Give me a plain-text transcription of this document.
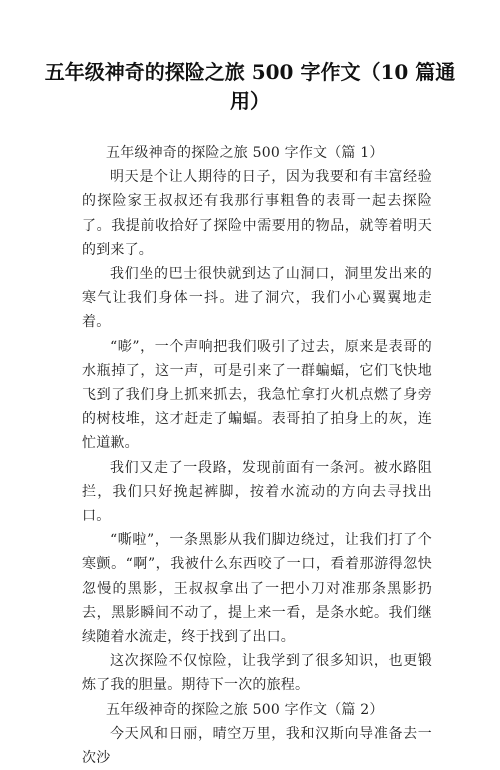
五年级神奇的探险之旅 500 字作文（10 篇通用）

五年级神奇的探险之旅 500 字作文（篇 1）

明天是个让人期待的日子，因为我要和有丰富经验的探险家王叔叔还有我那行事粗鲁的表哥一起去探险了。我提前收拾好了探险中需要用的物品，就等着明天的到来了。

我们坐的巴士很快就到达了山洞口，洞里发出来的寒气让我们身体一抖。进了洞穴，我们小心翼翼地走着。

“嘭”，一个声响把我们吸引了过去，原来是表哥的水瓶掉了，这一声，可是引来了一群蝙蝠，它们飞快地飞到了我们身上抓来抓去，我急忙拿打火机点燃了身旁的树枝堆，这才赶走了蝙蝠。表哥拍了拍身上的灰，连忙道歉。

我们又走了一段路，发现前面有一条河。被水路阻拦，我们只好挽起裤脚，按着水流动的方向去寻找出口。

“嘶啦”，一条黑影从我们脚边绕过，让我们打了个寒颤。“啊”，我被什么东西咬了一口，看着那游得忽快忽慢的黑影，王叔叔拿出了一把小刀对准那条黑影扔去，黑影瞬间不动了，提上来一看，是条水蛇。我们继续随着水流走，终于找到了出口。

这次探险不仅惊险，让我学到了很多知识，也更锻炼了我的胆量。期待下一次的旅程。

五年级神奇的探险之旅 500 字作文（篇 2）

今天风和日丽，晴空万里，我和汉斯向导准备去一次沙
